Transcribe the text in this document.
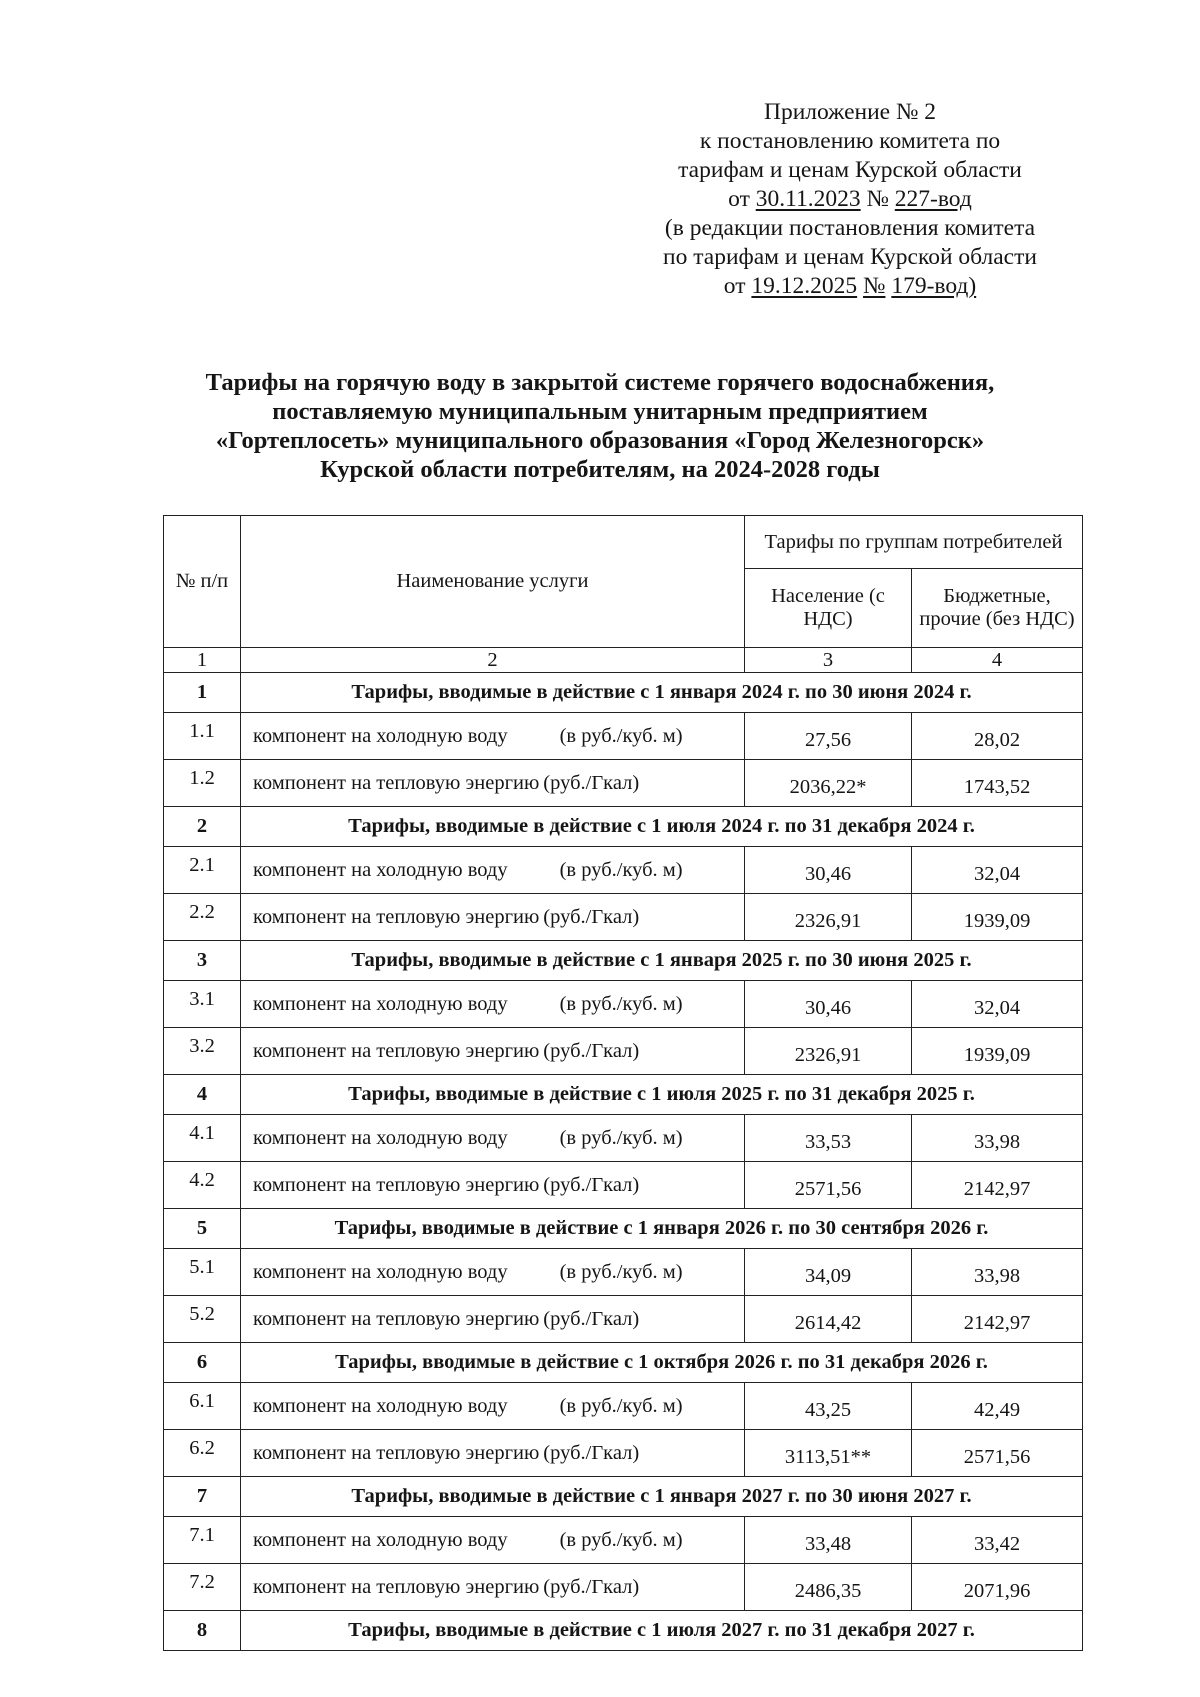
Приложение № 2
к постановлению комитета по
тарифам и ценам Курской области
от 30.11.2023 № 227-вод
(в редакции постановления комитета
по тарифам и ценам Курской области
от 19.12.2025 № 179-вод)
Тарифы на горячую воду в закрытой системе горячего водоснабжения,
поставляемую муниципальным унитарным предприятием
«Гортеплосеть» муниципального образования «Город Железногорск»
Курской области потребителям, на 2024-2028 годы
№ п/п	Наименование услуги	Тарифы по группам потребителей	
		Население (с НДС)	Бюджетные, прочие (без НДС)
1	2	3	4
1	Тарифы, вводимые в действие с 1 января 2024 г. по 30 июня 2024 г.		
1.1	компонент на холодную воду (в руб./куб. м)	27,56	28,02
1.2	компонент на тепловую энергию (руб./Гкал)	2036,22*	1743,52
2	Тарифы, вводимые в действие с 1 июля 2024 г. по 31 декабря 2024 г.		
2.1	компонент на холодную воду (в руб./куб. м)	30,46	32,04
2.2	компонент на тепловую энергию (руб./Гкал)	2326,91	1939,09
3	Тарифы, вводимые в действие с 1 января 2025 г. по 30 июня 2025 г.		
3.1	компонент на холодную воду (в руб./куб. м)	30,46	32,04
3.2	компонент на тепловую энергию (руб./Гкал)	2326,91	1939,09
4	Тарифы, вводимые в действие с 1 июля 2025 г. по 31 декабря 2025 г.		
4.1	компонент на холодную воду (в руб./куб. м)	33,53	33,98
4.2	компонент на тепловую энергию (руб./Гкал)	2571,56	2142,97
5	Тарифы, вводимые в действие с 1 января 2026 г. по 30 сентября 2026 г.		
5.1	компонент на холодную воду (в руб./куб. м)	34,09	33,98
5.2	компонент на тепловую энергию (руб./Гкал)	2614,42	2142,97
6	Тарифы, вводимые в действие с 1 октября 2026 г. по 31 декабря 2026 г.		
6.1	компонент на холодную воду (в руб./куб. м)	43,25	42,49
6.2	компонент на тепловую энергию (руб./Гкал)	3113,51**	2571,56
7	Тарифы, вводимые в действие с 1 января 2027 г. по 30 июня 2027 г.		
7.1	компонент на холодную воду (в руб./куб. м)	33,48	33,42
7.2	компонент на тепловую энергию (руб./Гкал)	2486,35	2071,96
8	Тарифы, вводимые в действие с 1 июля 2027 г. по 31 декабря 2027 г.		
